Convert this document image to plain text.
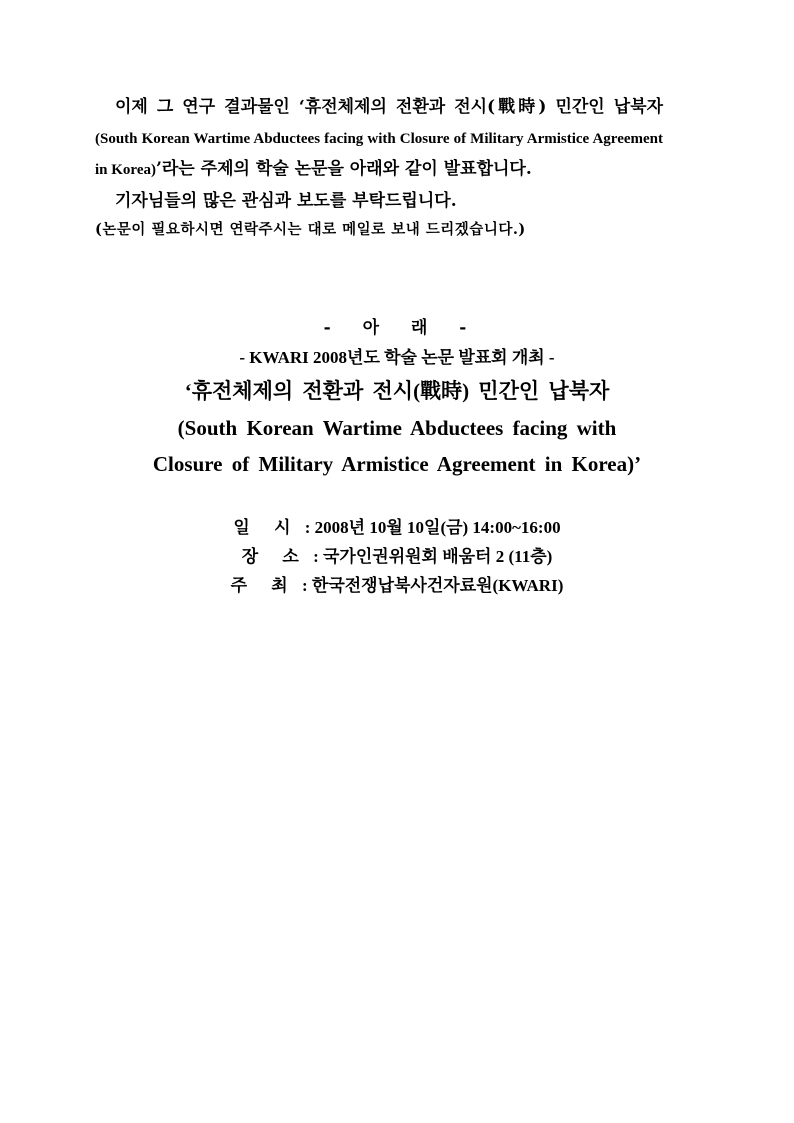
이제 그 연구 결과물인 ‘휴전체제의 전환과 전시(戰時) 민간인 납북자(South Korean Wartime Abductees facing with Closure of Military Armistice Agreement in Korea)’라는 주제의 학술 논문을 아래와 같이 발표합니다.

기자님들의 많은 관심과 보도를 부탁드립니다.

(논문이 필요하시면 연락주시는 대로 메일로 보내 드리겠습니다.)

- 아 래 -
- KWARI 2008년도 학술 논문 발표회 개최 -
‘휴전체제의 전환과 전시(戰時) 민간인 납북자
(South Korean Wartime Abductees facing with
Closure of Military Armistice Agreement in Korea)’
일 시 : 2008년 10월 10일(금) 14:00~16:00
장 소 : 국가인권위원회 배움터 2 (11층)
주 최 : 한국전쟁납북사건자료원(KWARI)
